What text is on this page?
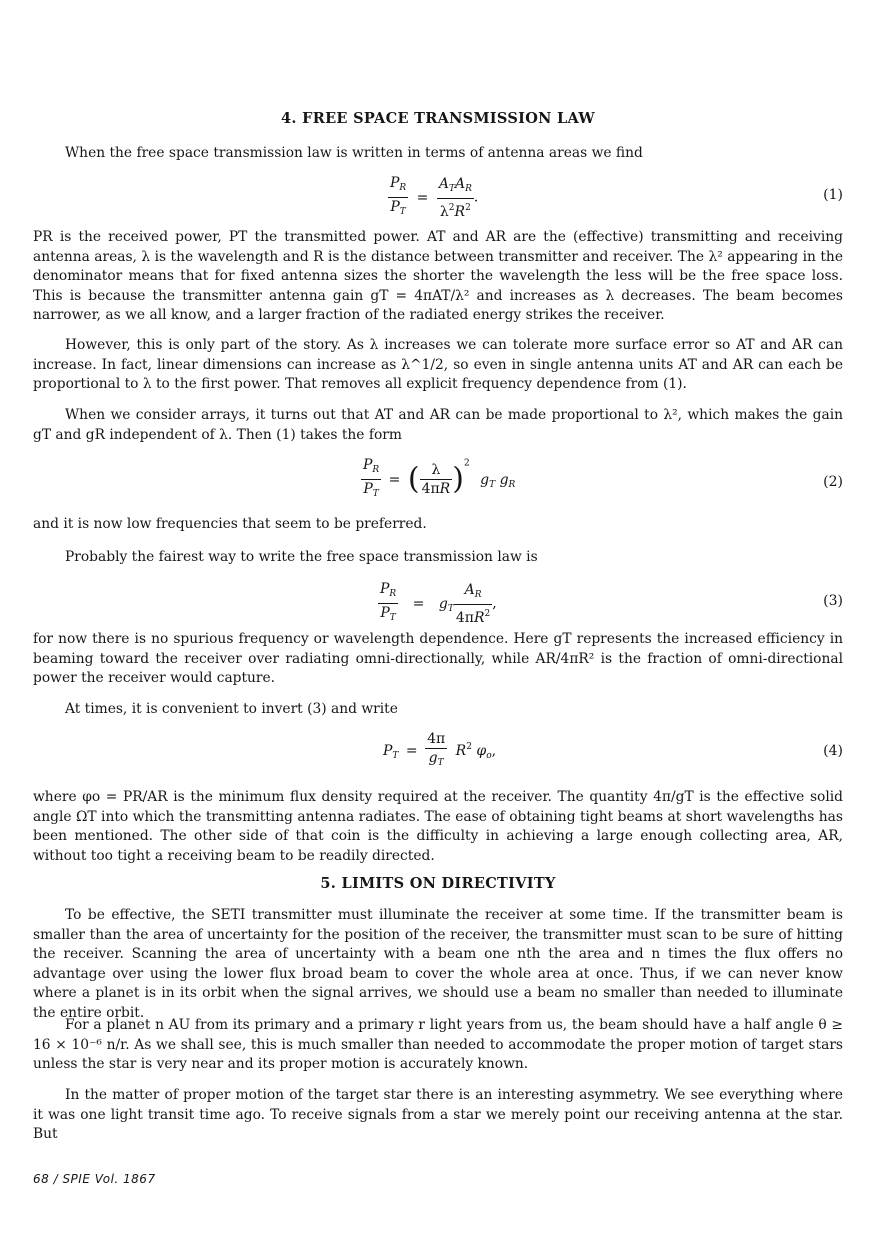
4. FREE SPACE TRANSMISSION LAW

When the free space transmission law is written in terms of antenna areas we find

$\frac{P_R}{P_T} = \frac{A_TA_R}{\lambda^2R^2}$ .	(1)

PR is the received power, PT the transmitted power. AT and AR are the (effective) transmitting and receiving antenna areas, λ is the wavelength and R is the distance between transmitter and receiver. The λ² appearing in the denominator means that for fixed antenna sizes the shorter the wavelength the less will be the free space loss. This is because the transmitter antenna gain gT = 4πAT/λ² and increases as λ decreases. The beam becomes narrower, as we all know, and a larger fraction of the radiated energy strikes the receiver.

However, this is only part of the story. As λ increases we can tolerate more surface error so AT and AR can increase. In fact, linear dimensions can increase as λ^1/2, so even in single antenna units AT and AR can each be proportional to λ to the first power. That removes all explicit frequency dependence from (1).

When we consider arrays, it turns out that AT and AR can be made proportional to λ², which makes the gain gT and gR independent of λ. Then (1) takes the form

$\frac{P_R}{P_T}$ = ( $\frac{\lambda}{4\pi R} )^2$ $g_T$ $g_R$	(2)

and it is now low frequencies that seem to be preferred.

Probably the fairest way to write the free space transmission law is

$\frac{P_R}{P_T} = g_T \frac{A_R}{4\pi R^2}$ ,	(3)

for now there is no spurious frequency or wavelength dependence. Here gT represents the increased efficiency in beaming toward the receiver over radiating omni-directionally, while AR/4πR² is the fraction of omni-directional power the receiver would capture.

At times, it is convenient to invert (3) and write

$P_T = \frac{4\pi}{g_T} R^2$ $\varphi_o$,	(4)

where φo = PR/AR is the minimum flux density required at the receiver. The quantity 4π/gT is the effective solid angle ΩT into which the transmitting antenna radiates. The ease of obtaining tight beams at short wavelengths has been mentioned. The other side of that coin is the difficulty in achieving a large enough collecting area, AR, without too tight a receiving beam to be readily directed.

5. LIMITS ON DIRECTIVITY

To be effective, the SETI transmitter must illuminate the receiver at some time. If the transmitter beam is smaller than the area of uncertainty for the position of the receiver, the transmitter must scan to be sure of hitting the receiver. Scanning the area of uncertainty with a beam one nth the area and n times the flux offers no advantage over using the lower flux broad beam to cover the whole area at once. Thus, if we can never know where a planet is in its orbit when the signal arrives, we should use a beam no smaller than needed to illuminate the entire orbit.

For a planet n AU from its primary and a primary r light years from us, the beam should have a half angle θ ≥ 16 × 10⁻⁶ n/r. As we shall see, this is much smaller than needed to accommodate the proper motion of target stars unless the star is very near and its proper motion is accurately known.

In the matter of proper motion of the target star there is an interesting asymmetry. We see everything where it was one light transit time ago. To receive signals from a star we merely point our receiving antenna at the star. But

68 / SPIE Vol. 1867
